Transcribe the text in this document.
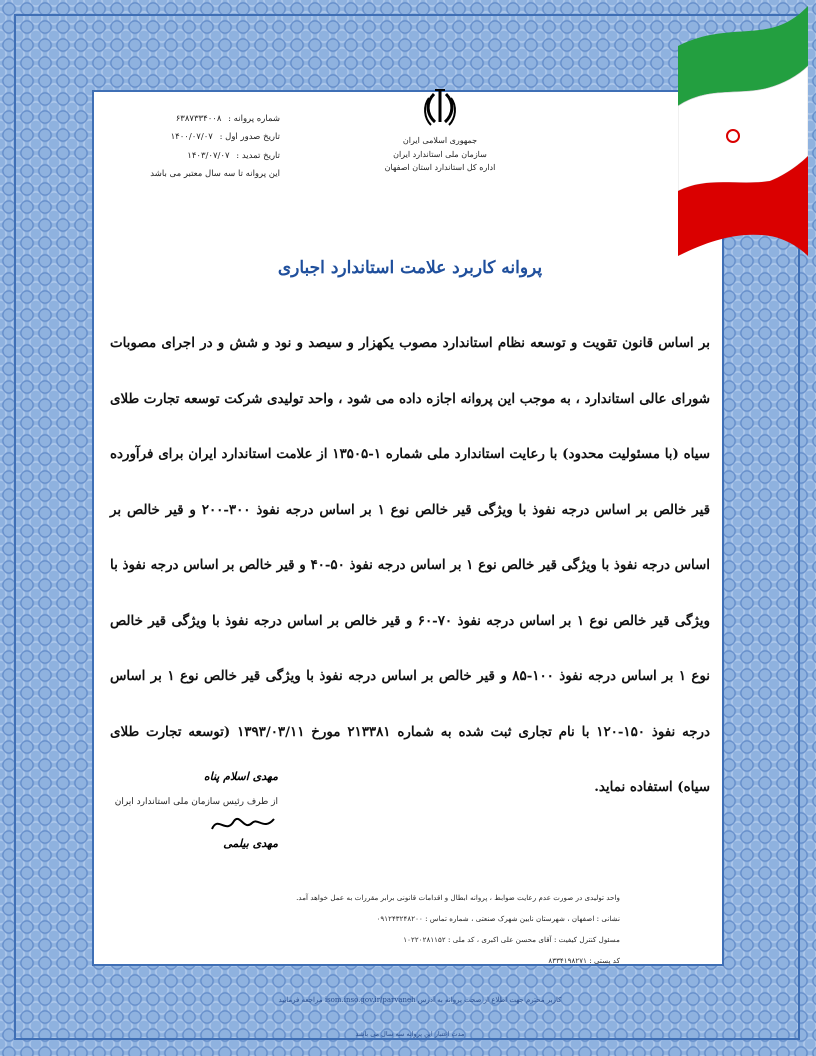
جمهوری اسلامی ایران
سازمان ملی استاندارد ایران
اداره کل استاندارد استان اصفهان
شماره پروانه : ۶۳۸۷۳۳۴۰۰۸
تاریخ صدور اول : ۱۴۰۰/۰۷/۰۷
تاریخ تمدید : ۱۴۰۳/۰۷/۰۷
این پروانه تا سه سال معتبر می باشد
پروانه کاربرد علامت استاندارد اجباری
بر اساس قانون تقویت و توسعه نظام استاندارد مصوب یکهزار و سیصد و نود و شش و در اجرای مصوبات شورای عالی استاندارد ، به موجب این پروانه اجازه داده می شود ، واحد تولیدی شرکت توسعه تجارت طلای سیاه (با مسئولیت محدود) با رعایت استاندارد ملی شماره ۱-۱۳۵۰۵ از علامت استاندارد ایران برای فرآورده قیر خالص بر اساس درجه نفوذ با ویژگی قیر خالص نوع ۱ بر اساس درجه نفوذ ۳۰۰-۲۰۰ و قیر خالص بر اساس درجه نفوذ با ویژگی قیر خالص نوع ۱ بر اساس درجه نفوذ ۵۰-۴۰ و قیر خالص بر اساس درجه نفوذ با ویژگی قیر خالص نوع ۱ بر اساس درجه نفوذ ۷۰-۶۰ و قیر خالص بر اساس درجه نفوذ با ویژگی قیر خالص نوع ۱ بر اساس درجه نفوذ ۱۰۰-۸۵ و قیر خالص بر اساس درجه نفوذ با ویژگی قیر خالص نوع ۱ بر اساس درجه نفوذ ۱۵۰-۱۲۰ با نام تجاری ثبت شده به شماره ۲۱۳۳۸۱ مورخ ۱۳۹۳/۰۳/۱۱ (توسعه تجارت طلای سیاه) استفاده نماید.
مهدی اسلام پناه
از طرف رئیس سازمان ملی استاندارد ایران
مهدی بیلمی
واحد تولیدی در صورت عدم رعایت ضوابط ، پروانه ابطال و اقدامات قانونی برابر مقررات به عمل خواهد آمد.
نشانی : اصفهان ، شهرستان نایین شهرک صنعتی ، شماره تماس : ۰۹۱۲۴۳۲۴۸۲۰۰
مسئول کنترل کیفیت : آقای محسن علی اکبری ، کد ملی : ۱۰۲۲۰۲۸۱۱۵۲
کد پستی : ۸۳۳۴۱۹۸۲۷۱
کاربر محترم جهت اطلاع از صحت پروانه به آدرس isom.inso.gov.ir/parvaneh مراجعه فرمایید
مدت اعتبار این پروانه سه سال می باشد
